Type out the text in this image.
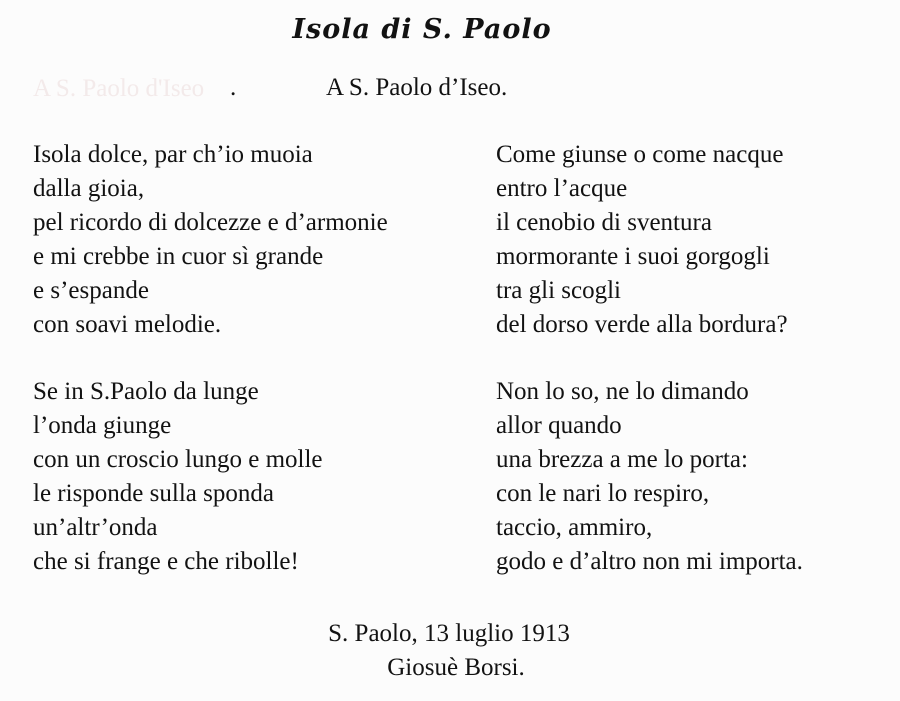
Isola di S. Paolo
A S. Paolo d'Iseo .	A S. Paolo d’Iseo.
Isola dolce, par ch’io muoia
dalla gioia,
pel ricordo di dolcezze e d’armonie
e mi crebbe in cuor sì grande
e s’espande
con soavi melodie.
Se in S.Paolo da lunge
l’onda giunge
con un croscio lungo e molle
le risponde sulla sponda
un’altr’onda
che si frange e che ribolle!
Come giunse o come nacque
entro l’acque
il cenobio di sventura
mormorante i suoi gorgogli
tra gli scogli
del dorso verde alla bordura?
Non lo so, ne lo dimando
allor quando
una brezza a me lo porta:
con le nari lo respiro,
taccio, ammiro,
godo e d’altro non mi importa.
S. Paolo, 13 luglio 1913
Giosuè Borsi.
